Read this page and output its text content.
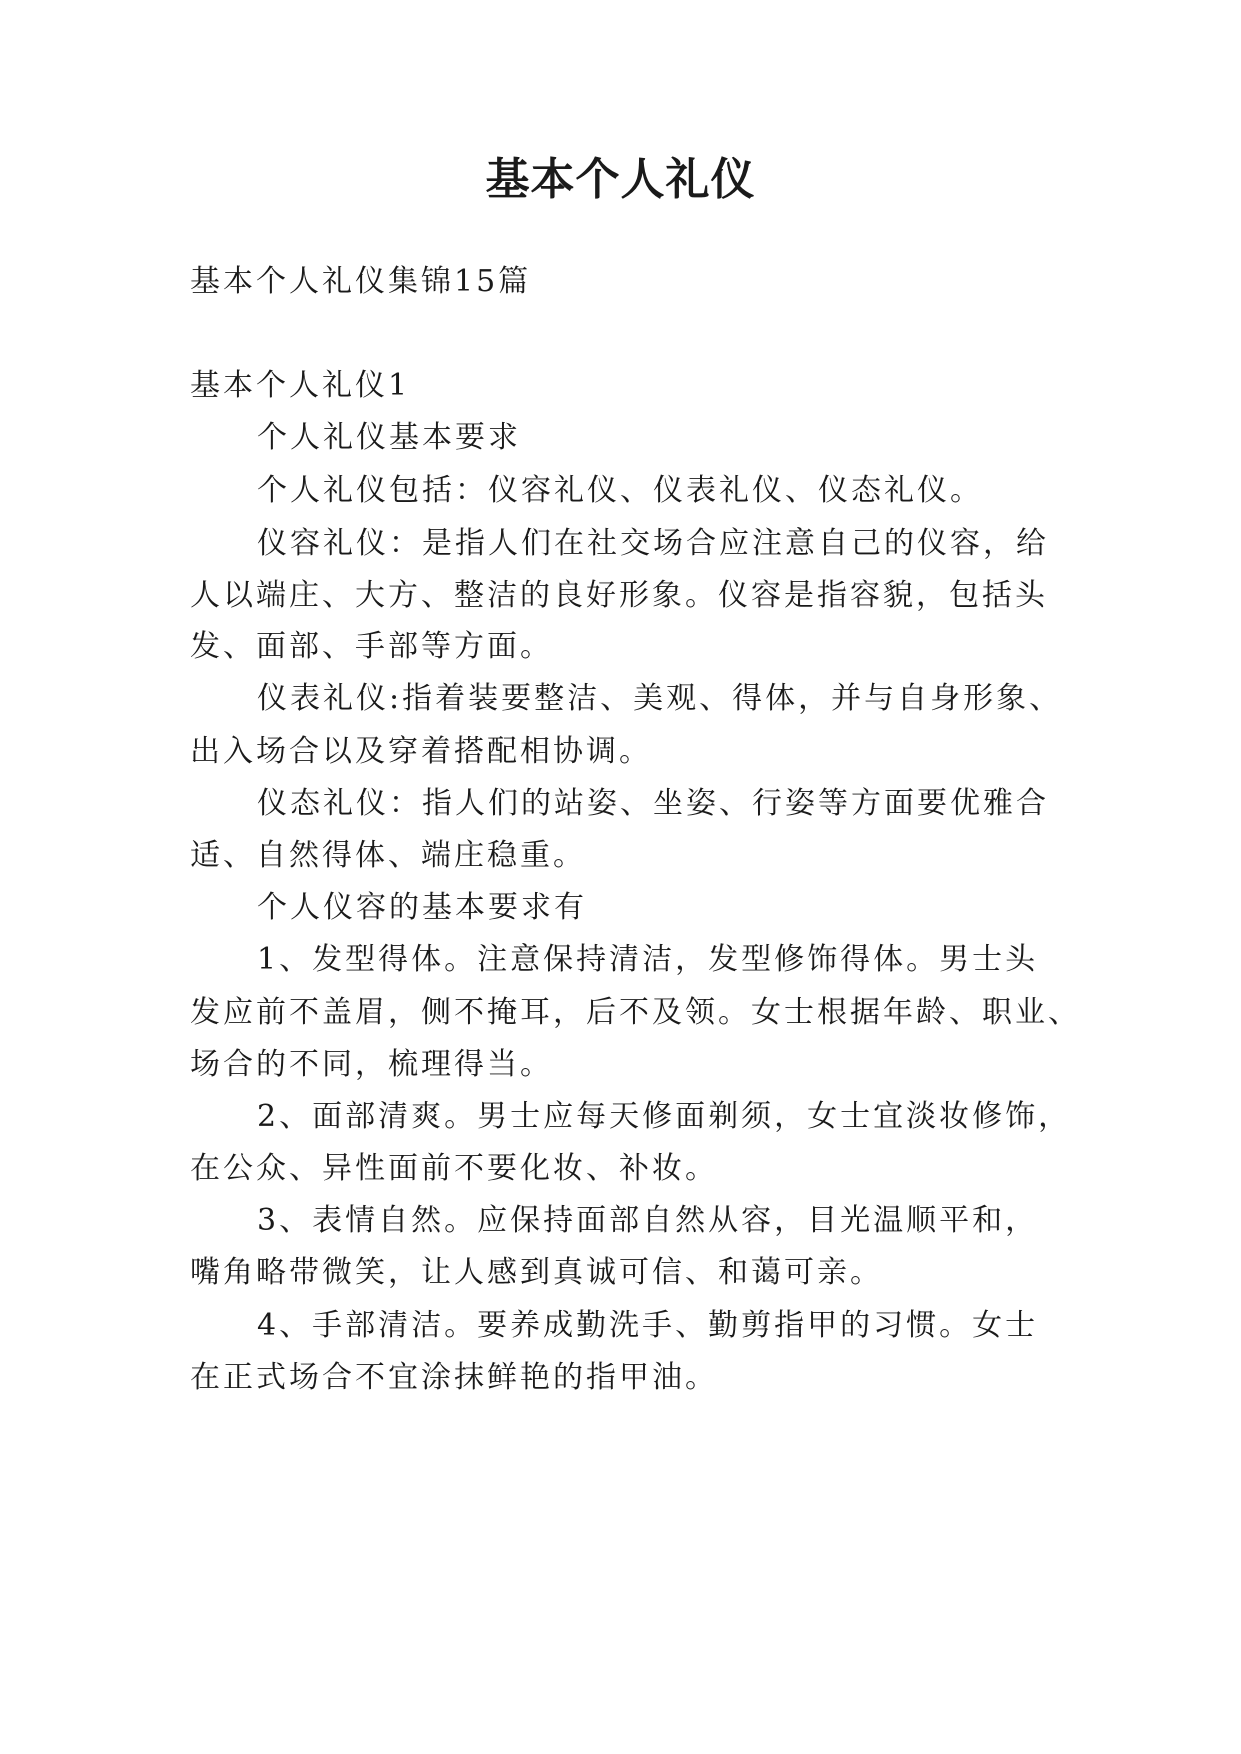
基本个人礼仪
基本个人礼仪集锦15篇
基本个人礼仪1
个人礼仪基本要求
个人礼仪包括：仪容礼仪、仪表礼仪、仪态礼仪。
仪容礼仪：是指人们在社交场合应注意自己的仪容，给
人以端庄、大方、整洁的良好形象。仪容是指容貌，包括头
发、面部、手部等方面。
仪表礼仪:指着装要整洁、美观、得体，并与自身形象、
出入场合以及穿着搭配相协调。
仪态礼仪：指人们的站姿、坐姿、行姿等方面要优雅合
适、自然得体、端庄稳重。
个人仪容的基本要求有
1、发型得体。注意保持清洁，发型修饰得体。男士头
发应前不盖眉，侧不掩耳，后不及领。女士根据年龄、职业、
场合的不同，梳理得当。
2、面部清爽。男士应每天修面剃须，女士宜淡妆修饰，
在公众、异性面前不要化妆、补妆。
3、表情自然。应保持面部自然从容，目光温顺平和，
嘴角略带微笑，让人感到真诚可信、和蔼可亲。
4、手部清洁。要养成勤洗手、勤剪指甲的习惯。女士
在正式场合不宜涂抹鲜艳的指甲油。
